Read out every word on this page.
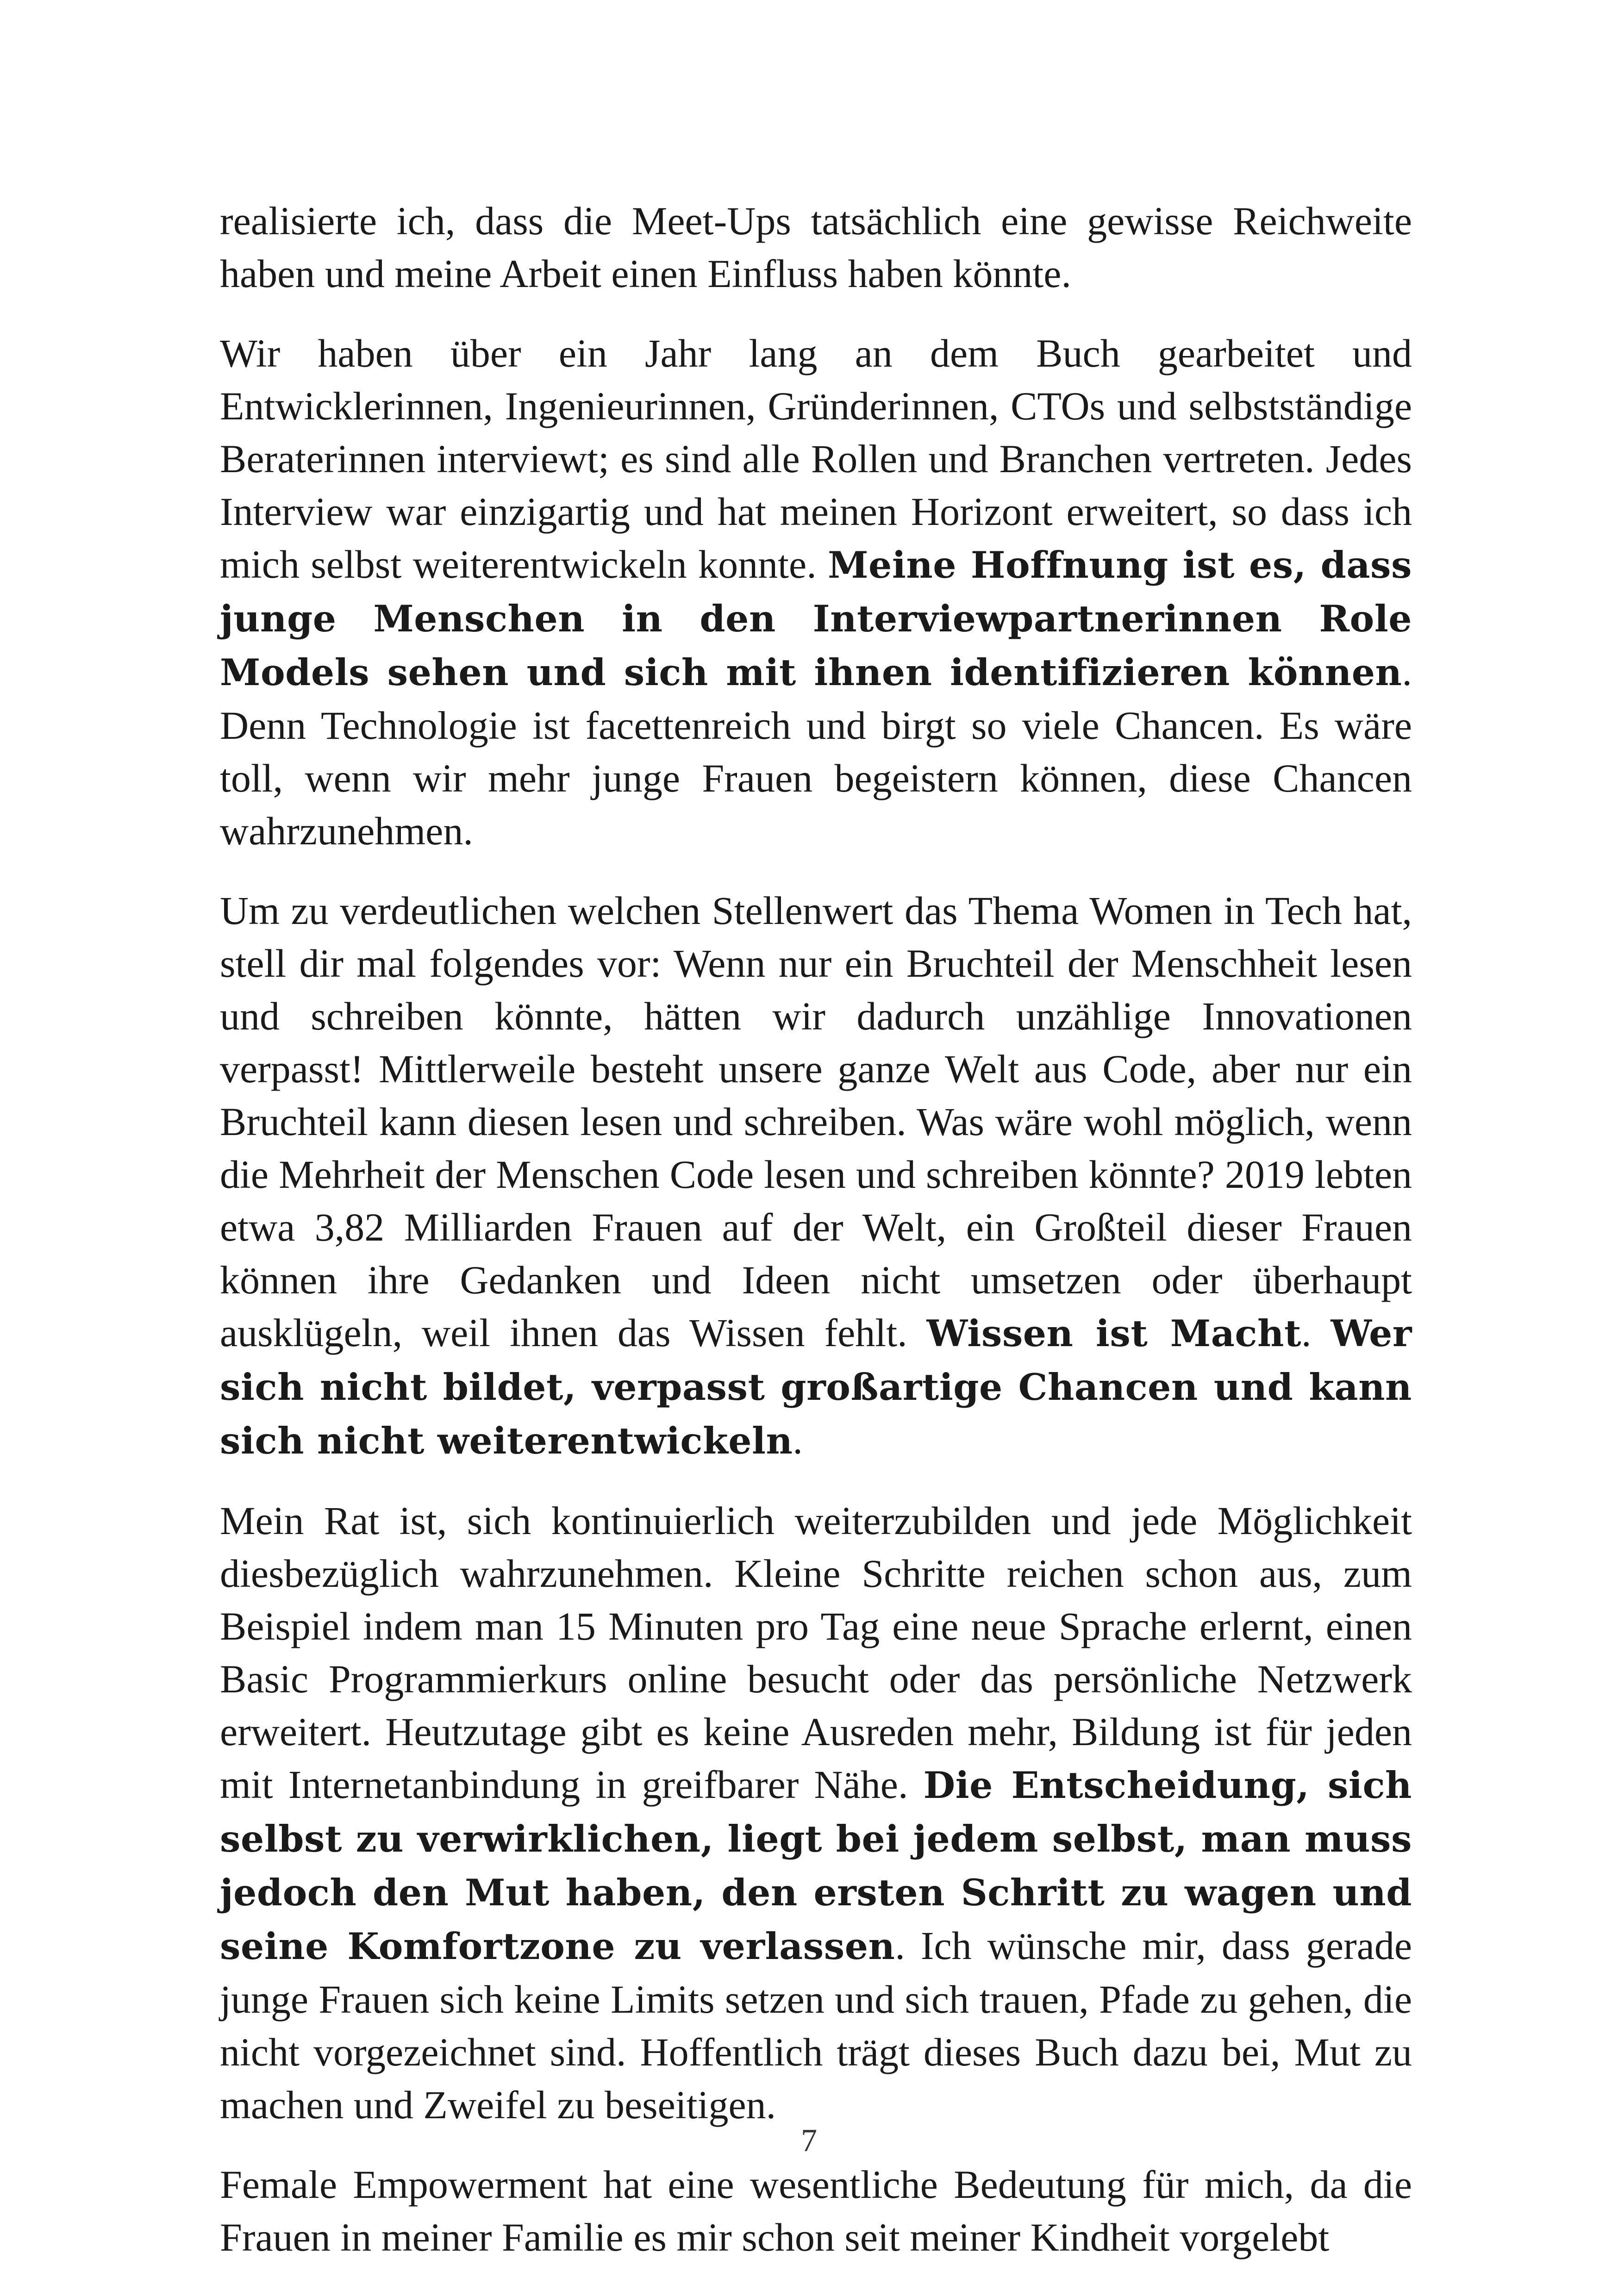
realisierte ich, dass die Meet-Ups tatsächlich eine gewisse Reichweite haben und meine Arbeit einen Einfluss haben könnte.

Wir haben über ein Jahr lang an dem Buch gearbeitet und Entwicklerinnen, Ingenieurinnen, Gründerinnen, CTOs und selbstständige Beraterinnen interviewt; es sind alle Rollen und Branchen vertreten. Jedes Interview war einzigartig und hat meinen Horizont erweitert, so dass ich mich selbst weiterentwickeln konnte. Meine Hoffnung ist es, dass junge Menschen in den Interviewpartnerinnen Role Models sehen und sich mit ihnen identifizieren können. Denn Technologie ist facettenreich und birgt so viele Chancen. Es wäre toll, wenn wir mehr junge Frauen begeistern können, diese Chancen wahrzunehmen.

Um zu verdeutlichen welchen Stellenwert das Thema Women in Tech hat, stell dir mal folgendes vor: Wenn nur ein Bruchteil der Menschheit lesen und schreiben könnte, hätten wir dadurch unzählige Innovationen verpasst! Mittlerweile besteht unsere ganze Welt aus Code, aber nur ein Bruchteil kann diesen lesen und schreiben. Was wäre wohl möglich, wenn die Mehrheit der Menschen Code lesen und schreiben könnte? 2019 lebten etwa 3,82 Milliarden Frauen auf der Welt, ein Großteil dieser Frauen können ihre Gedanken und Ideen nicht umsetzen oder überhaupt ausklügeln, weil ihnen das Wissen fehlt. Wissen ist Macht. Wer sich nicht bildet, verpasst großartige Chancen und kann sich nicht weiterentwickeln.

Mein Rat ist, sich kontinuierlich weiterzubilden und jede Möglichkeit diesbezüglich wahrzunehmen. Kleine Schritte reichen schon aus, zum Beispiel indem man 15 Minuten pro Tag eine neue Sprache erlernt, einen Basic Programmierkurs online besucht oder das persönliche Netzwerk erweitert. Heutzutage gibt es keine Ausreden mehr, Bildung ist für jeden mit Internetanbindung in greifbarer Nähe. Die Entscheidung, sich selbst zu verwirklichen, liegt bei jedem selbst, man muss jedoch den Mut haben, den ersten Schritt zu wagen und seine Komfortzone zu verlassen. Ich wünsche mir, dass gerade junge Frauen sich keine Limits setzen und sich trauen, Pfade zu gehen, die nicht vorgezeichnet sind. Hoffentlich trägt dieses Buch dazu bei, Mut zu machen und Zweifel zu beseitigen.

Female Empowerment hat eine wesentliche Bedeutung für mich, da die Frauen in meiner Familie es mir schon seit meiner Kindheit vorgelebt

7
